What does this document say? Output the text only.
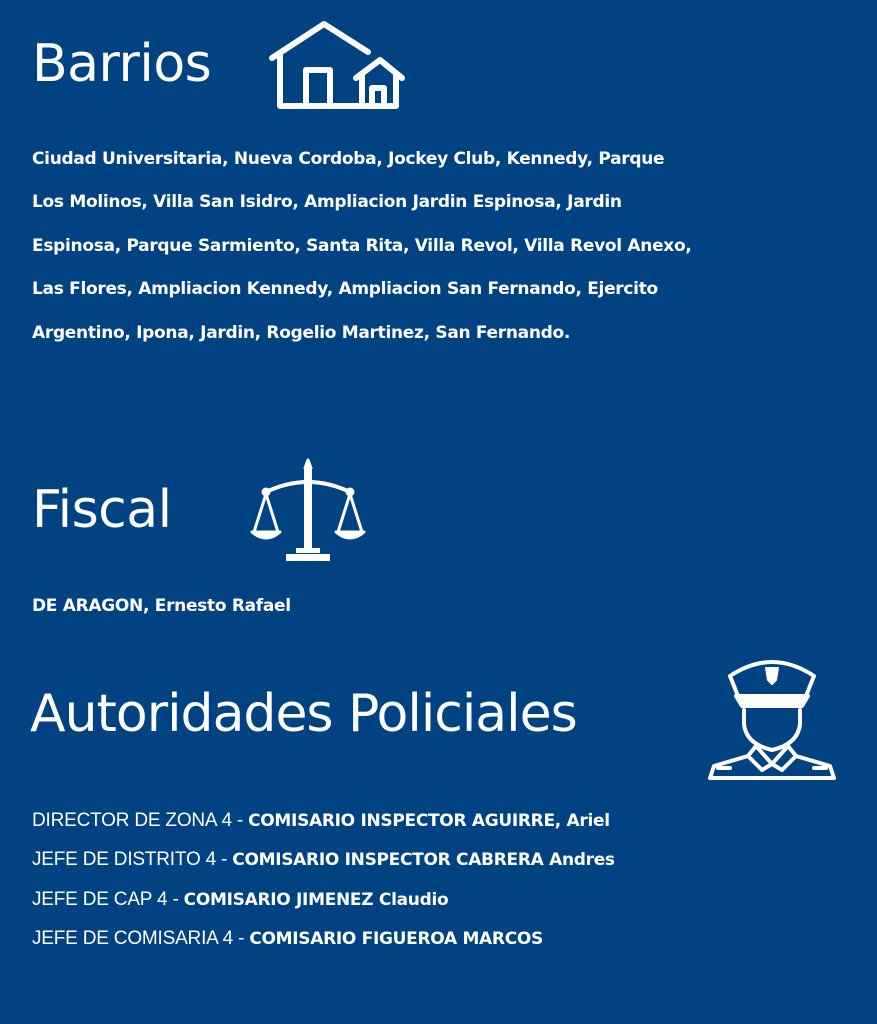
Barrios

Ciudad Universitaria, Nueva Cordoba, Jockey Club, Kennedy, Parque Los Molinos, Villa San Isidro, Ampliacion Jardin Espinosa, Jardin Espinosa, Parque Sarmiento, Santa Rita, Villa Revol, Villa Revol Anexo, Las Flores, Ampliacion Kennedy, Ampliacion San Fernando, Ejercito Argentino, Ipona, Jardin, Rogelio Martinez, San Fernando.

Fiscal

DE ARAGON, Ernesto Rafael

Autoridades Policiales
DIRECTOR DE ZONA 4 - COMISARIO INSPECTOR AGUIRRE, Ariel
JEFE DE DISTRITO 4 - COMISARIO INSPECTOR CABRERA Andres
JEFE DE CAP 4 - COMISARIO JIMENEZ Claudio
JEFE DE COMISARIA 4 - COMISARIO FIGUEROA MARCOS
